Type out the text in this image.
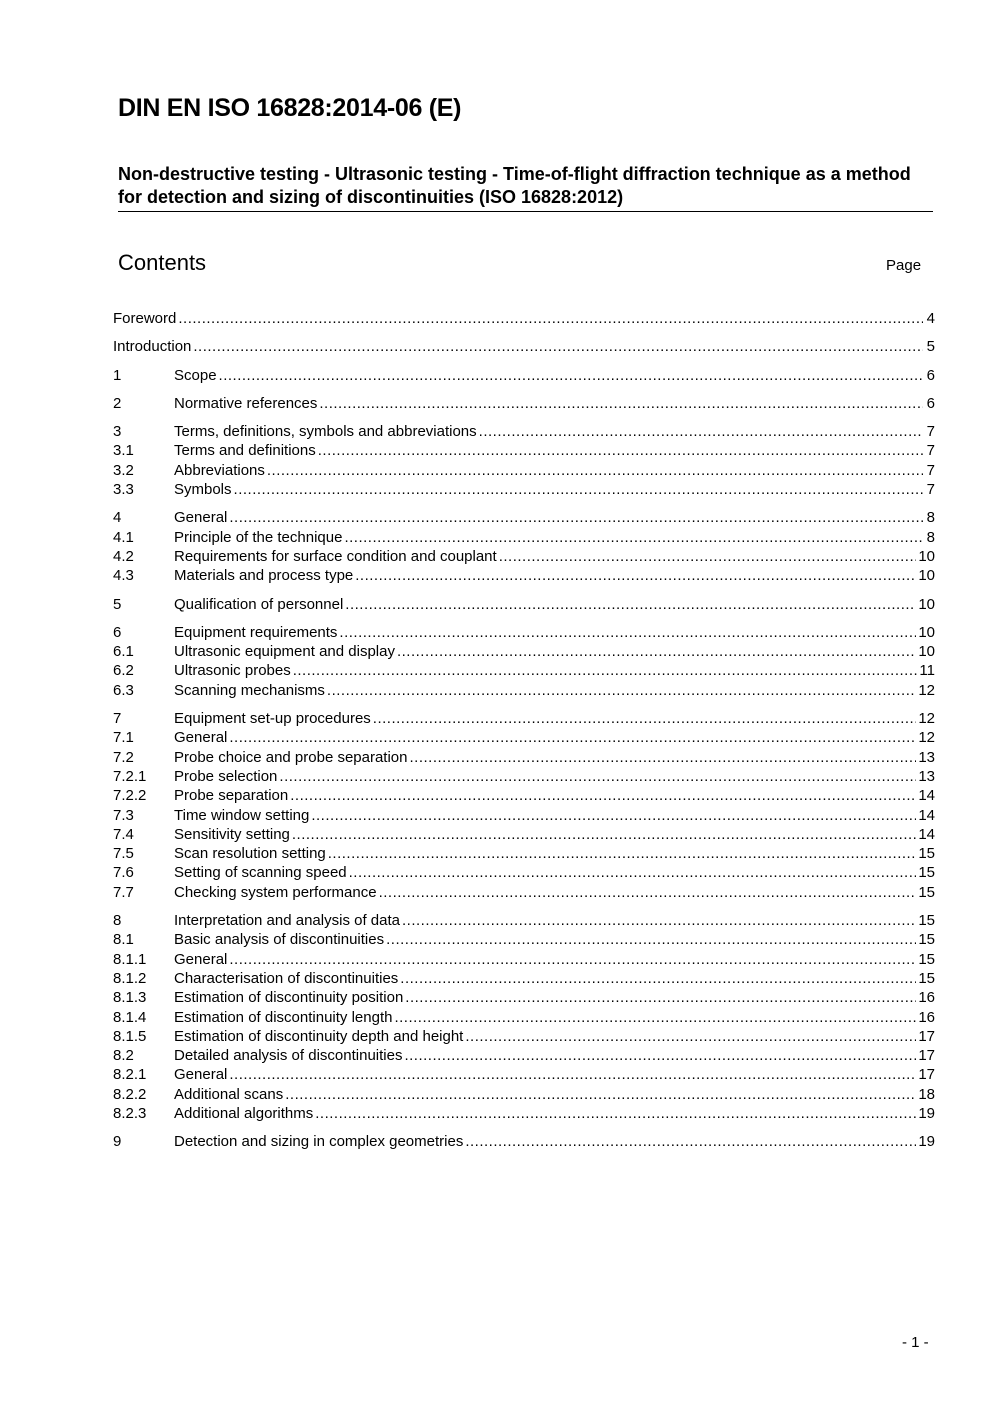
DIN EN ISO 16828:2014-06 (E)
Non-destructive testing - Ultrasonic testing - Time-of-flight diffraction technique as a method for detection and sizing of discontinuities (ISO 16828:2012)
Contents	Page
Foreword .....	4
Introduction .....	5
1	Scope .....	6
2	Normative references .....	6
3	Terms, definitions, symbols and abbreviations .....	7
3.1	Terms and definitions .....	7
3.2	Abbreviations .....	7
3.3	Symbols .....	7
4	General .....	8
4.1	Principle of the technique .....	8
4.2	Requirements for surface condition and couplant .....	10
4.3	Materials and process type .....	10
5	Qualification of personnel .....	10
6	Equipment requirements .....	10
6.1	Ultrasonic equipment and display .....	10
6.2	Ultrasonic probes .....	11
6.3	Scanning mechanisms .....	12
7	Equipment set-up procedures .....	12
7.1	General .....	12
7.2	Probe choice and probe separation .....	13
7.2.1	Probe selection .....	13
7.2.2	Probe separation .....	14
7.3	Time window setting .....	14
7.4	Sensitivity setting .....	14
7.5	Scan resolution setting .....	15
7.6	Setting of scanning speed .....	15
7.7	Checking system performance .....	15
8	Interpretation and analysis of data .....	15
8.1	Basic analysis of discontinuities .....	15
8.1.1	General .....	15
8.1.2	Characterisation of discontinuities .....	15
8.1.3	Estimation of discontinuity position .....	16
8.1.4	Estimation of discontinuity length .....	16
8.1.5	Estimation of discontinuity depth and height .....	17
8.2	Detailed analysis of discontinuities .....	17
8.2.1	General .....	17
8.2.2	Additional scans .....	18
8.2.3	Additional algorithms .....	19
9	Detection and sizing in complex geometries .....	19
- 1 -
